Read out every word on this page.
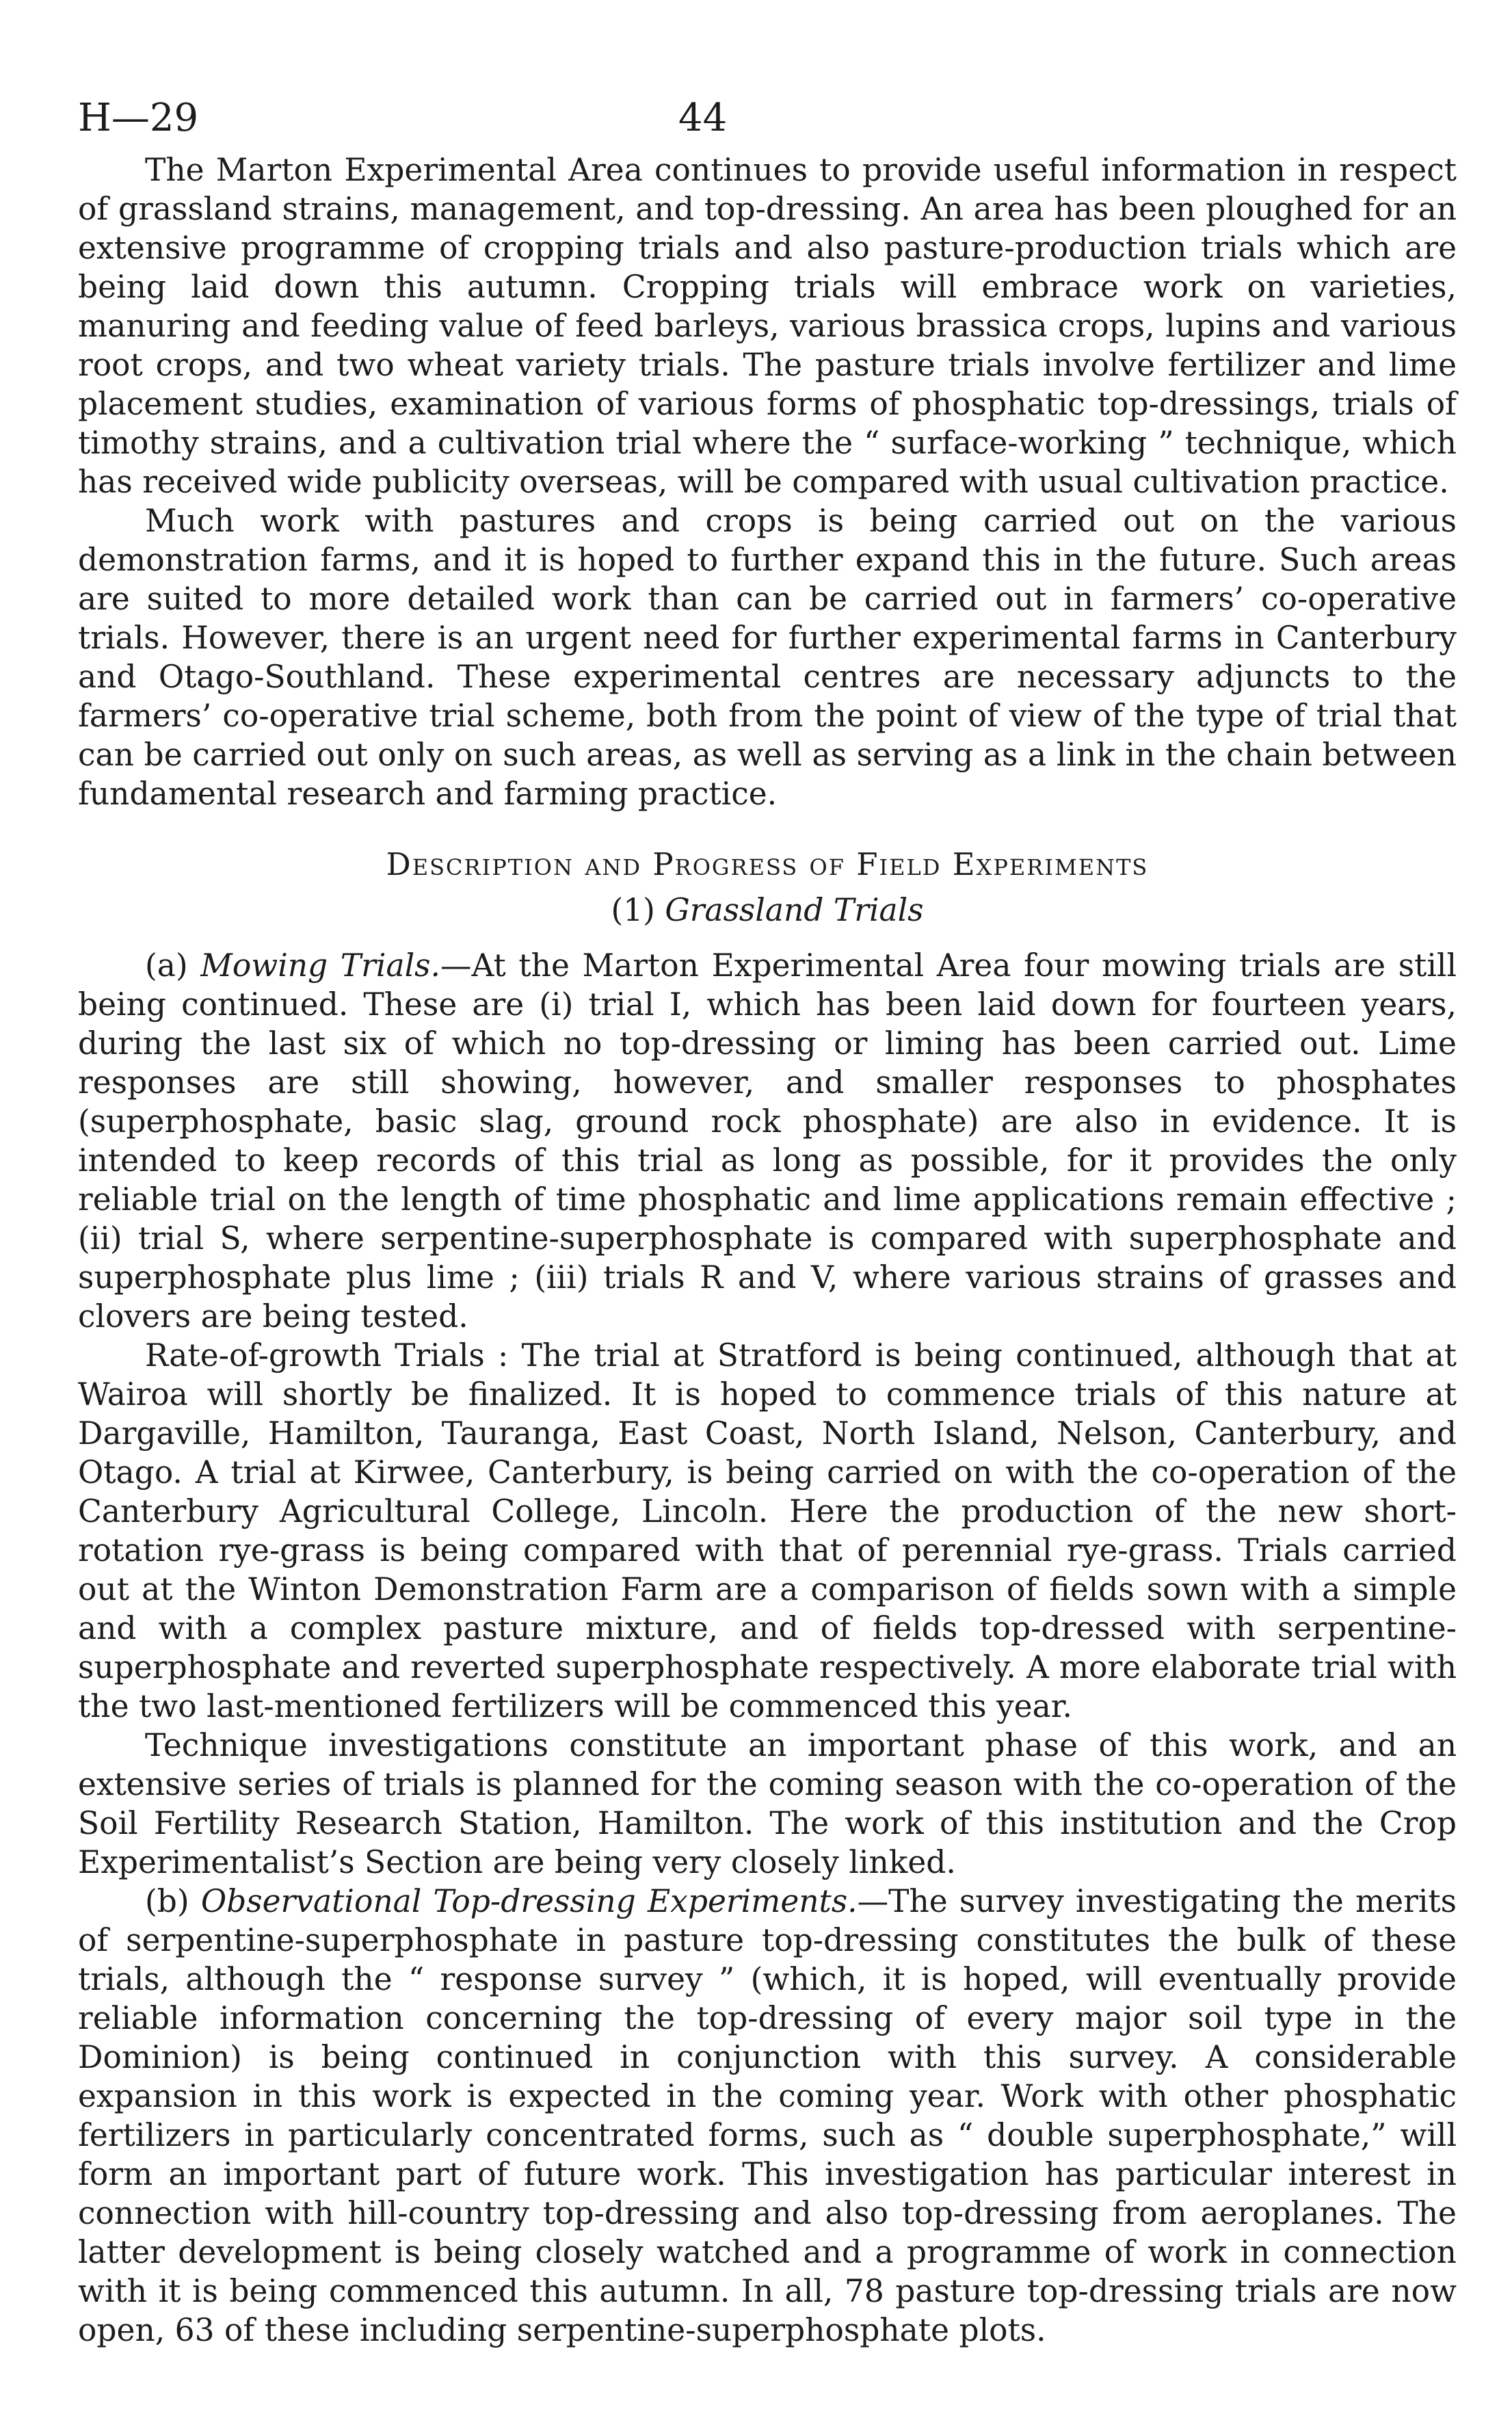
H—29	44

The Marton Experimental Area continues to provide useful information in respect of grassland strains, management, and top-dressing. An area has been ploughed for an extensive programme of cropping trials and also pasture-production trials which are being laid down this autumn. Cropping trials will embrace work on varieties, manuring and feeding value of feed barleys, various brassica crops, lupins and various root crops, and two wheat variety trials. The pasture trials involve fertilizer and lime placement studies, examination of various forms of phosphatic top-dressings, trials of timothy strains, and a cultivation trial where the “ surface-working ” technique, which has received wide publicity overseas, will be compared with usual cultivation practice.

Much work with pastures and crops is being carried out on the various demonstration farms, and it is hoped to further expand this in the future. Such areas are suited to more detailed work than can be carried out in farmers’ co-operative trials. However, there is an urgent need for further experimental farms in Canterbury and Otago-Southland. These experimental centres are necessary adjuncts to the farmers’ co-operative trial scheme, both from the point of view of the type of trial that can be carried out only on such areas, as well as serving as a link in the chain between fundamental research and farming practice.

Description and Progress of Field Experiments
(1) Grassland Trials

(a) Mowing Trials.—At the Marton Experimental Area four mowing trials are still being continued. These are (i) trial I, which has been laid down for fourteen years, during the last six of which no top-dressing or liming has been carried out. Lime responses are still showing, however, and smaller responses to phosphates (superphosphate, basic slag, ground rock phosphate) are also in evidence. It is intended to keep records of this trial as long as possible, for it provides the only reliable trial on the length of time phosphatic and lime applications remain effective ; (ii) trial S, where serpentine-superphosphate is compared with superphosphate and superphosphate plus lime ; (iii) trials R and V, where various strains of grasses and clovers are being tested.

Rate-of-growth Trials : The trial at Stratford is being continued, although that at Wairoa will shortly be finalized. It is hoped to commence trials of this nature at Dargaville, Hamilton, Tauranga, East Coast, North Island, Nelson, Canterbury, and Otago. A trial at Kirwee, Canterbury, is being carried on with the co-operation of the Canterbury Agricultural College, Lincoln. Here the production of the new short-rotation rye-grass is being compared with that of perennial rye-grass. Trials carried out at the Winton Demonstration Farm are a comparison of fields sown with a simple and with a complex pasture mixture, and of fields top-dressed with serpentine-superphosphate and reverted superphosphate respectively. A more elaborate trial with the two last-mentioned fertilizers will be commenced this year.

Technique investigations constitute an important phase of this work, and an extensive series of trials is planned for the coming season with the co-operation of the Soil Fertility Research Station, Hamilton. The work of this institution and the Crop Experimentalist’s Section are being very closely linked.

(b) Observational Top-dressing Experiments.—The survey investigating the merits of serpentine-superphosphate in pasture top-dressing constitutes the bulk of these trials, although the “ response survey ” (which, it is hoped, will eventually provide reliable information concerning the top-dressing of every major soil type in the Dominion) is being continued in conjunction with this survey. A considerable expansion in this work is expected in the coming year. Work with other phosphatic fertilizers in particularly concentrated forms, such as “ double superphosphate,” will form an important part of future work. This investigation has particular interest in connection with hill-country top-dressing and also top-dressing from aeroplanes. The latter development is being closely watched and a programme of work in connection with it is being commenced this autumn. In all, 78 pasture top-dressing trials are now open, 63 of these including serpentine-superphosphate plots.
